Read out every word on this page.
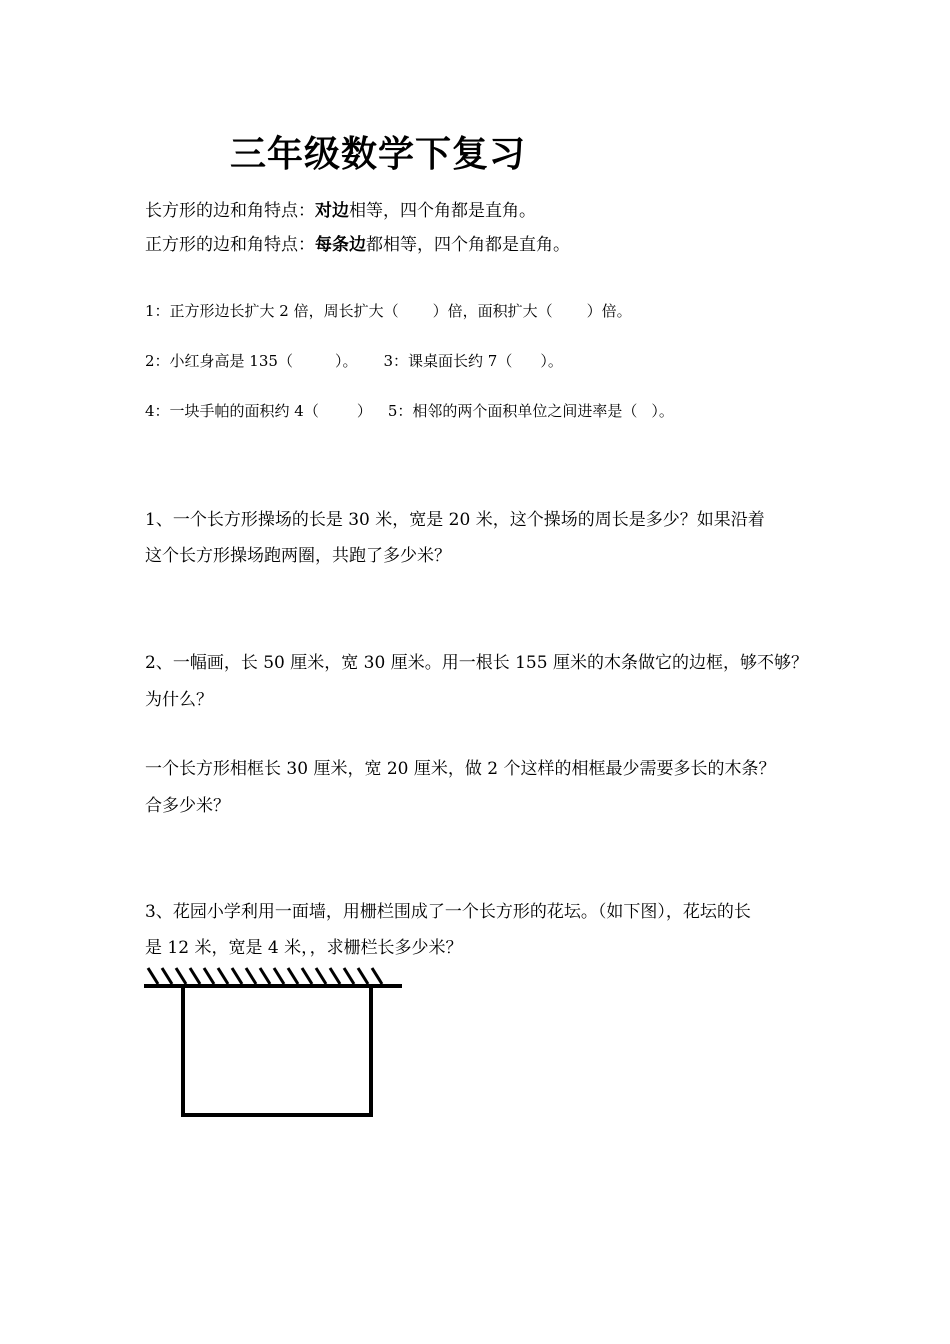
三年级数学下复习
长方形的边和角特点：对边相等，四个角都是直角。
正方形的边和角特点：每条边都相等，四个角都是直角。
1：正方形边长扩大 2 倍，周长扩大（ ）倍，面积扩大（ ）倍。
2：小红身高是 135（	）。 3：课桌面长约 7（ ）。
4：一块手帕的面积约 4（	） 5：相邻的两个面积单位之间进率是（ ）。
1、一个长方形操场的长是 30 米，宽是 20 米，这个操场的周长是多少？如果沿着
这个长方形操场跑两圈，共跑了多少米？
2、一幅画，长 50 厘米，宽 30 厘米。用一根长 155 厘米的木条做它的边框，够不够？
为什么？
一个长方形相框长 30 厘米，宽 20 厘米，做 2 个这样的相框最少需要多长的木条？
合多少米？
3、花园小学利用一面墙，用栅栏围成了一个长方形的花坛。（如下图），花坛的长
是 12 米，宽是 4 米，，求栅栏长多少米？
